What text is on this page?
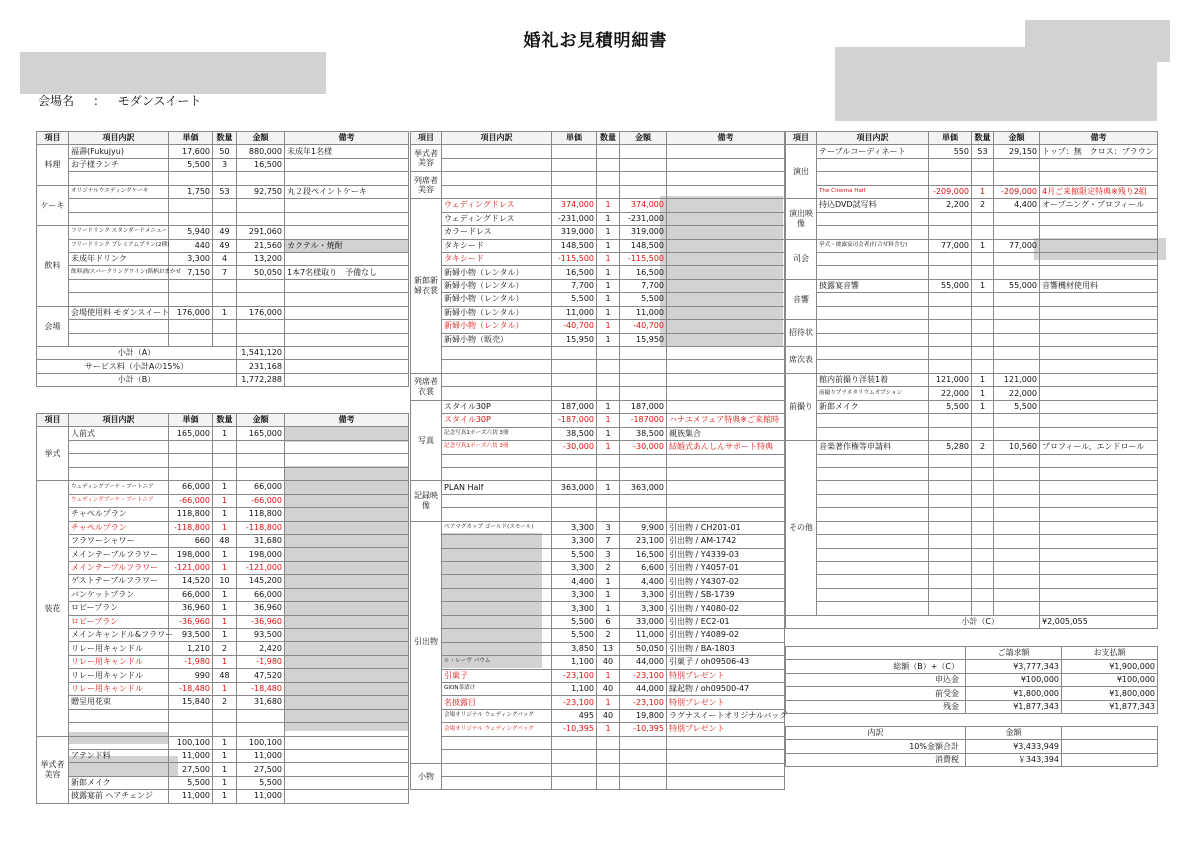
婚礼お見積明細書
会場名 : モダンスイート
項目	項目内訳	単価	数量	金額	備考
料理	福壽(Fukujyu)	17,600	50	880,000	未成年1名様
	お子様ランチ	5,500	3	16,500	

ケーキ	オリジナルウエディングケーキ	1,750	53	92,750	丸２段ペイントケーキ

飲料	フリードリンク スタンダードメニュー	5,940	49	291,060	
	フリードリンク プレミアムプラン(2種)	440	49	21,560	カクテル・焼酎
	未成年ドリンク	3,300	4	13,200	
	飲料酒/スパークリングワイン(銘柄おまかせ	7,150	7	50,050	1本7名様取り　予備なし

会場	会場使用料 モダンスイート	176,000	1	176,000	

小計（A）				1,541,120	
サービス料（小計Aの15%）				231,168	
小計（B）				1,772,288	
項目	項目内訳	単価	数量	金額	備考
挙式	人前式	165,000	1	165,000	

装花	ウェディングブーケ・ブートニア	66,000	1	66,000	
	ウェディングブーケ・ブートニア	-66,000	1	-66,000	
	チャペルプラン	118,800	1	118,800	
	チャペルプラン	-118,800	1	-118,800	
	フラワーシャワー	660	48	31,680	
	メインテーブルフラワー	198,000	1	198,000	
	メインテーブルフラワー	-121,000	1	-121,000	
	ゲストテーブルフラワー	14,520	10	145,200	
	バンケットプラン	66,000	1	66,000	
	ロビープラン	36,960	1	36,960	
	ロビープラン	-36,960	1	-36,960	
	メインキャンドル&フラワー	93,500	1	93,500	
	リレー用キャンドル	1,210	2	2,420	
	リレー用キャンドル	-1,980	1	-1,980	
	リレー用キャンドル	990	48	47,520	
	リレー用キャンドル	-18,480	1	-18,480	
	贈呈用花束	15,840	2	31,680	

挙式者美容		100,100	1	100,100	
	アテンド料	11,000	1	11,000	
		27,500	1	27,500	
	新郎メイク	5,500	1	5,500	
	披露宴前 ヘアチェンジ	11,000	1	11,000	
項目	項目内訳	単価	数量	金額	備考
挙式者美容					

列席者美容					

新郎新婦衣裳	ウェディングドレス	374,000	1	374,000	
	ウェディングドレス	-231,000	1	-231,000	
	カラードレス	319,000	1	319,000	
	タキシード	148,500	1	148,500	
	タキシード	-115,500	1	-115,500	
	新婦小物（レンタル）	16,500	1	16,500	
	新婦小物（レンタル）	7,700	1	7,700	
	新婦小物（レンタル）	5,500	1	5,500	
	新婦小物（レンタル）	11,000	1	11,000	
	新婦小物（レンタル）	-40,700	1	-40,700	
	新婦小物（販売）	15,950	1	15,950	

列席者衣裳					

写真	スタイル30P	187,000	1	187,000	
	スタイル30P	-187,000	1	-187000	ハナユメフェア特典※ご来館時
	記念写真1ポーズ六切 3冊	38,500	1	38,500	親族集合
	記念写真1ポーズ六切 3冊	-30,000	1	-30,000	結婚式あんしんサポート特典

記録映像	PLAN Half	363,000	1	363,000	

引出物	ペアマグカップ ゴールド(スモール)	3,300	3	9,900	引出物 / CH201-01
		3,300	7	23,100	引出物 / AM-1742
		5,500	3	16,500	引出物 / Y4339-03
		3,300	2	6,600	引出物 / Y4057-01
		4,400	1	4,400	引出物 / Y4307-02
		3,300	1	3,300	引出物 / SB-1739
		3,300	1	3,300	引出物 / Y4080-02
		5,500	6	33,000	引出物 / EC2-01
		5,500	2	11,000	引出物 / Y4089-02
		3,850	13	50,050	引出物 / BA-1803
	ル・レーヴ バウム	1,100	40	44,000	引菓子 / oh09506-43
	引菓子	-23,100	1	-23,100	特別プレゼント
	GION茶漬け	1,100	40	44,000	縁起物 / oh09500-47
	名披露目	-23,100	1	-23,100	特別プレゼント
	会場オリジナル ウェディングバッグ	495	40	19,800	ラグナスイートオリジナルバッグ
	会場オリジナル ウェディングバッグ	-10,395	1	-10,395	特別プレゼント

小物					

項目	項目内訳	単価	数量	金額	備考
演出	テーブルコーディネート	550	53	29,150	トップ：無　クロス：ブラウン

	The Cinema Half	-209,000	1	-209,000	4月ご来館限定特典※残り2組
演出映像	持込DVD試写料	2,200	2	4,400	オープニング・プロフィール

司会	挙式・披露宴司会者(打合せ料含む)	77,000	1	77,000	

音響	披露宴音響	55,000	1	55,000	音響機材使用料

招待状					

席次表					

前撮り	館内前撮り洋装1着	121,000	1	121,000	
	前撮りプラネタリウムオプション	22,000	1	22,000	
	新郎メイク	5,500	1	5,500	

その他	音楽著作権等申請料	5,280	2	10,560	プロフィール、エンドロール

小計（C）					¥2,005,055
	ご請求額	お支払額
総額（B）+（C）	¥3,777,343	¥1,900,000
申込金	¥100,000	¥100,000
前受金	¥1,800,000	¥1,800,000
残金	¥1,877,343	¥1,877,343
内訳	金額	
10%金額合計	¥3,433,949	
消費税	￥343,394	
